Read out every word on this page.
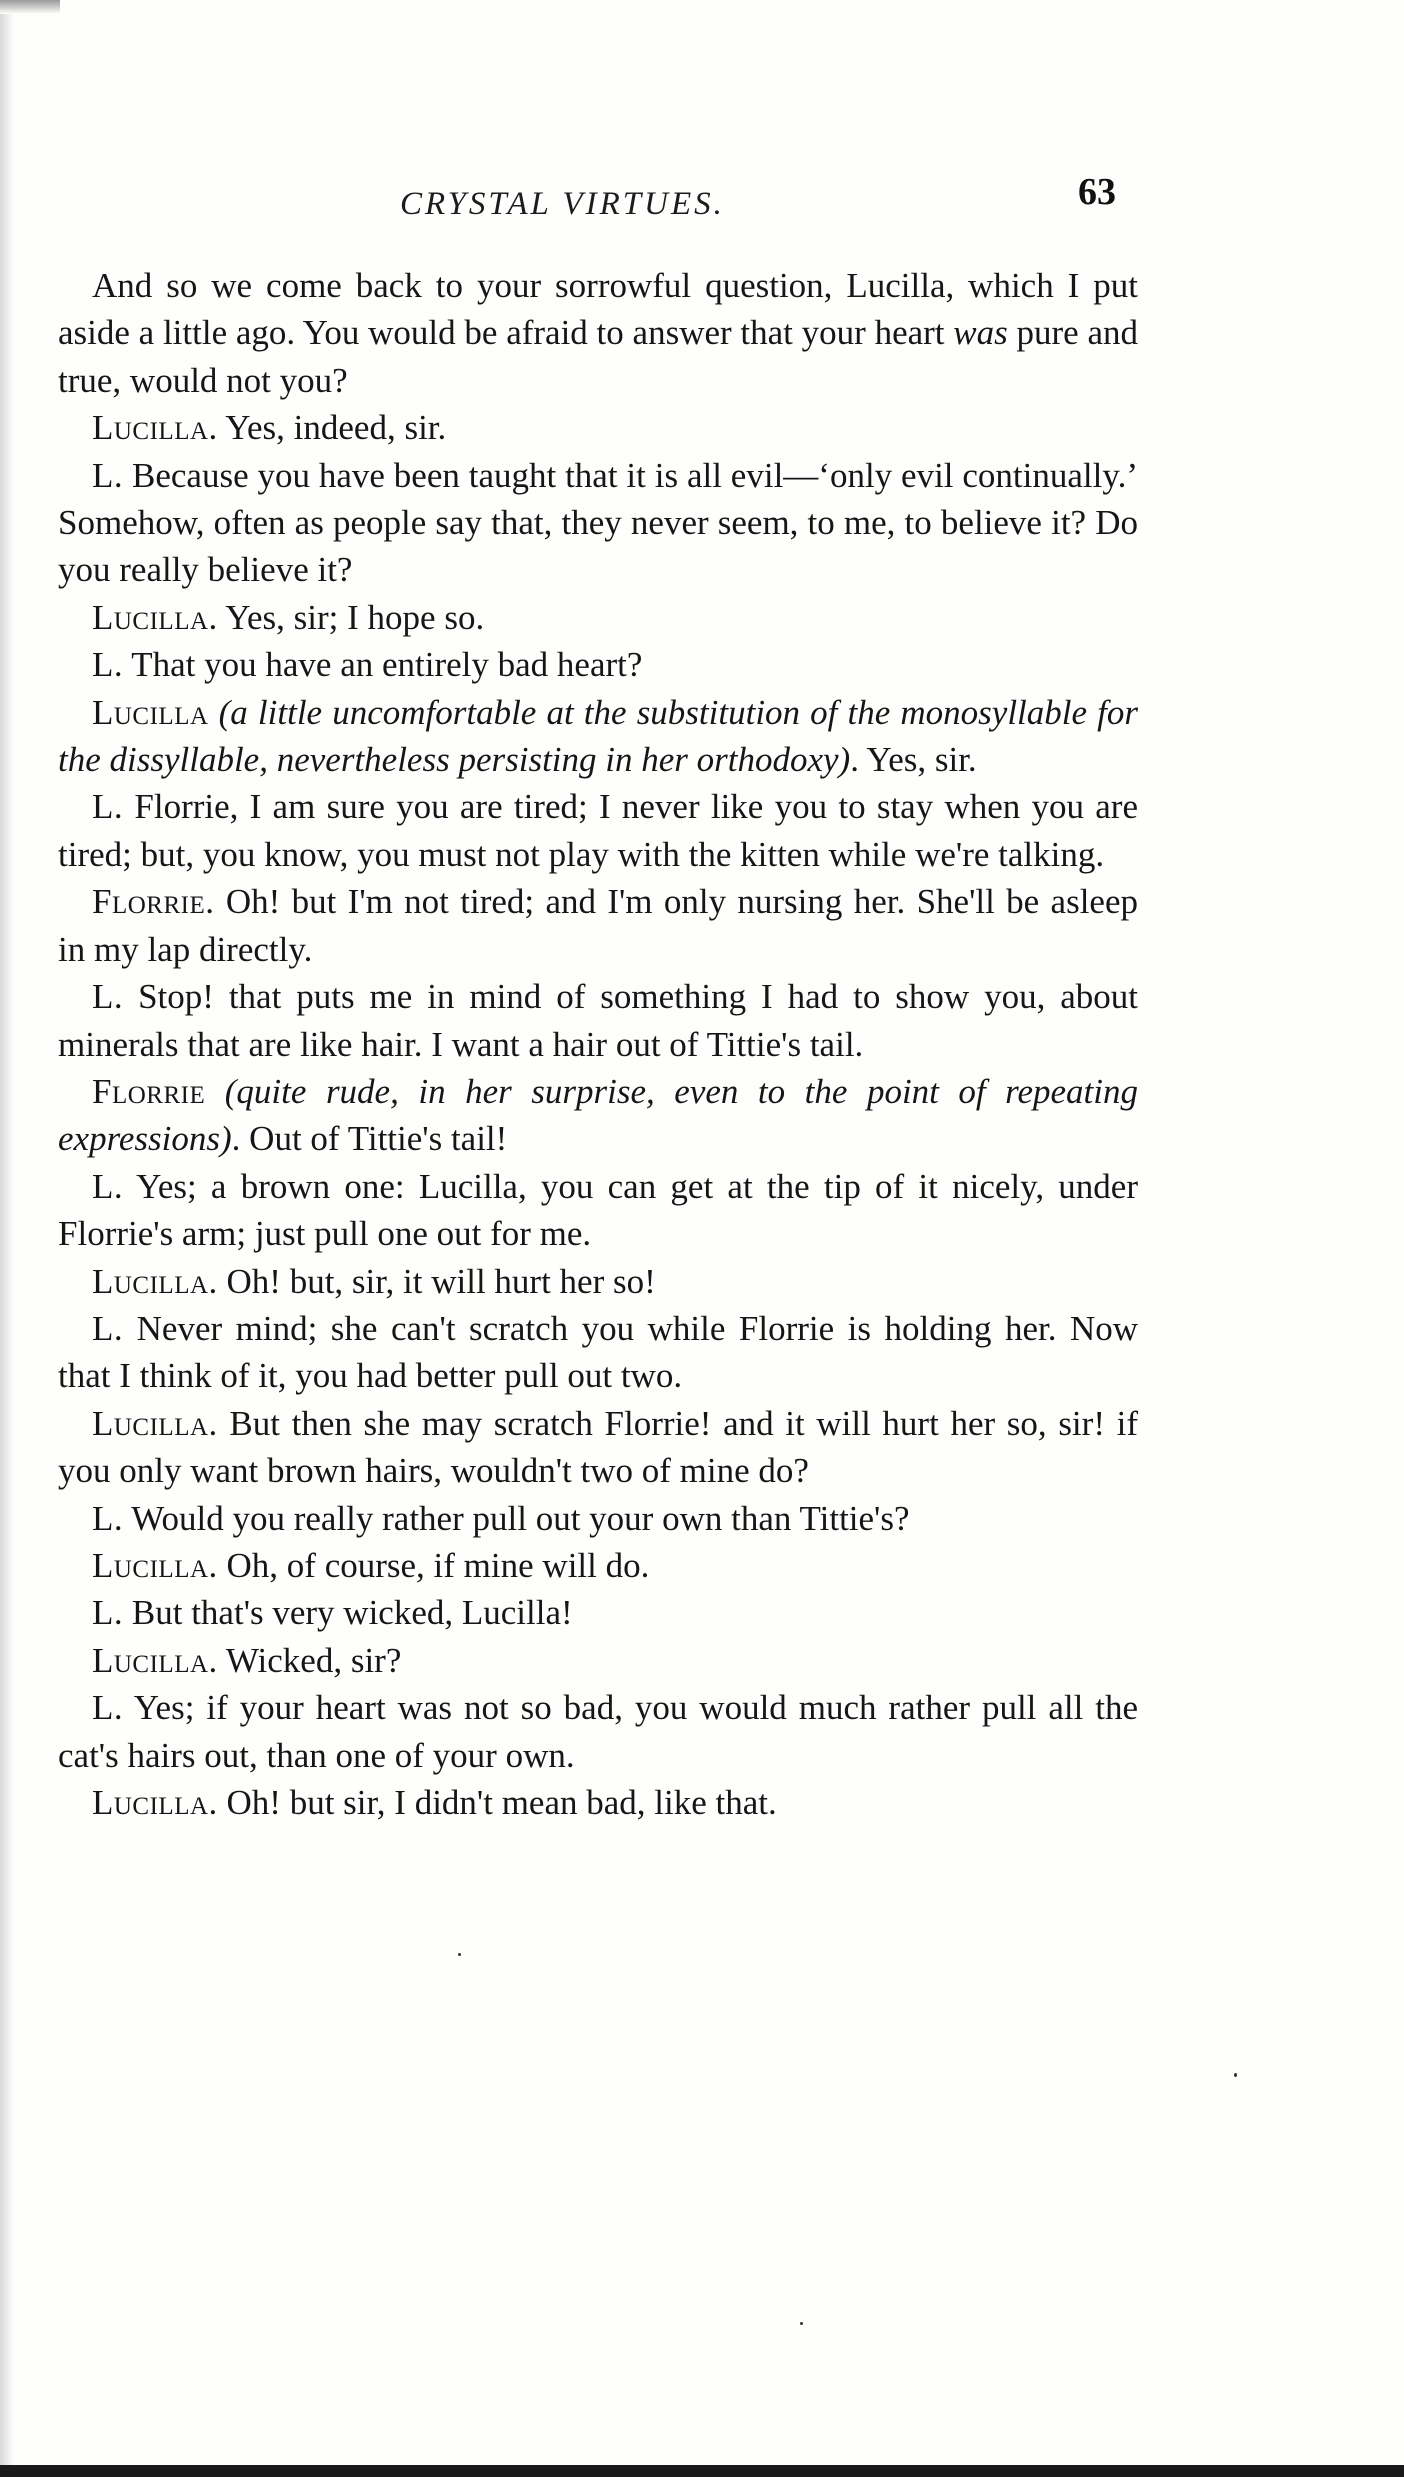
CRYSTAL VIRTUES.	63

And so we come back to your sorrowful question, Lucilla, which I put aside a little ago. You would be afraid to answer that your heart was pure and true, would not you?

Lucilla. Yes, indeed, sir.

L. Because you have been taught that it is all evil—‘only evil continually.’ Somehow, often as people say that, they never seem, to me, to believe it? Do you really believe it?

Lucilla. Yes, sir; I hope so.

L. That you have an entirely bad heart?

Lucilla (a little uncomfortable at the substitution of the monosyllable for the dissyllable, nevertheless persisting in her orthodoxy). Yes, sir.

L. Florrie, I am sure you are tired; I never like you to stay when you are tired; but, you know, you must not play with the kitten while we're talking.

Florrie. Oh! but I'm not tired; and I'm only nursing her. She'll be asleep in my lap directly.

L. Stop! that puts me in mind of something I had to show you, about minerals that are like hair. I want a hair out of Tittie's tail.

Florrie (quite rude, in her surprise, even to the point of repeating expressions). Out of Tittie's tail!

L. Yes; a brown one: Lucilla, you can get at the tip of it nicely, under Florrie's arm; just pull one out for me.

Lucilla. Oh! but, sir, it will hurt her so!

L. Never mind; she can't scratch you while Florrie is holding her. Now that I think of it, you had better pull out two.

Lucilla. But then she may scratch Florrie! and it will hurt her so, sir! if you only want brown hairs, wouldn't two of mine do?

L. Would you really rather pull out your own than Tittie's?

Lucilla. Oh, of course, if mine will do.

L. But that's very wicked, Lucilla!

Lucilla. Wicked, sir?

L. Yes; if your heart was not so bad, you would much rather pull all the cat's hairs out, than one of your own.

Lucilla. Oh! but sir, I didn't mean bad, like that.
